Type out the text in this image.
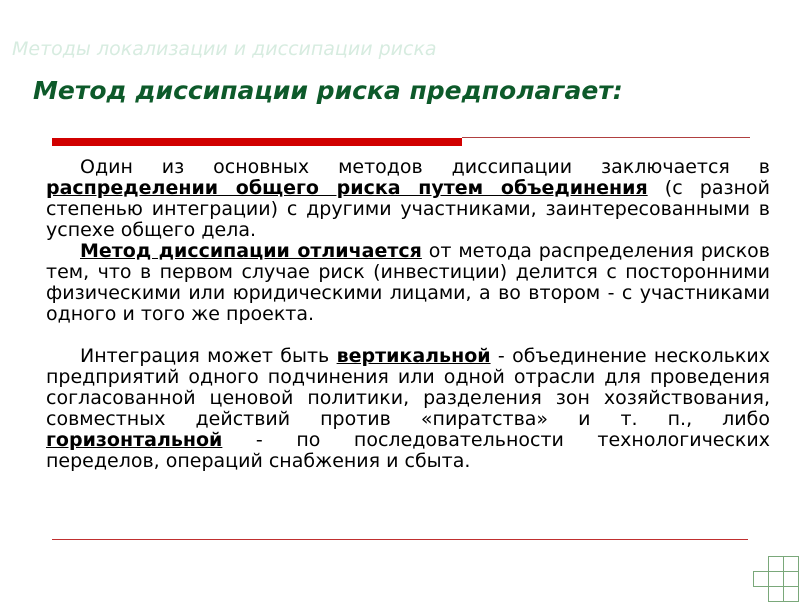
Методы локализации и диссипации риска
Метод диссипации риска предполагает:

Один из основных методов диссипации заключается в распределении общего риска путем объединения (с разной степенью интеграции) с другими участниками, заинтересованными в успехе общего дела.

Метод диссипации отличается от метода распределения рисков тем, что в первом случае риск (инвестиции) делится с посторонними физическими или юридическими лицами, а во втором - с участниками одного и того же проекта.

Интеграция может быть вертикальной - объединение нескольких предприятий одного подчинения или одной отрасли для проведения согласованной ценовой политики, разделения зон хозяйствования, совместных действий против «пиратства» и т. п., либо горизонтальной - по последовательности технологических переделов, операций снабжения и сбыта.
